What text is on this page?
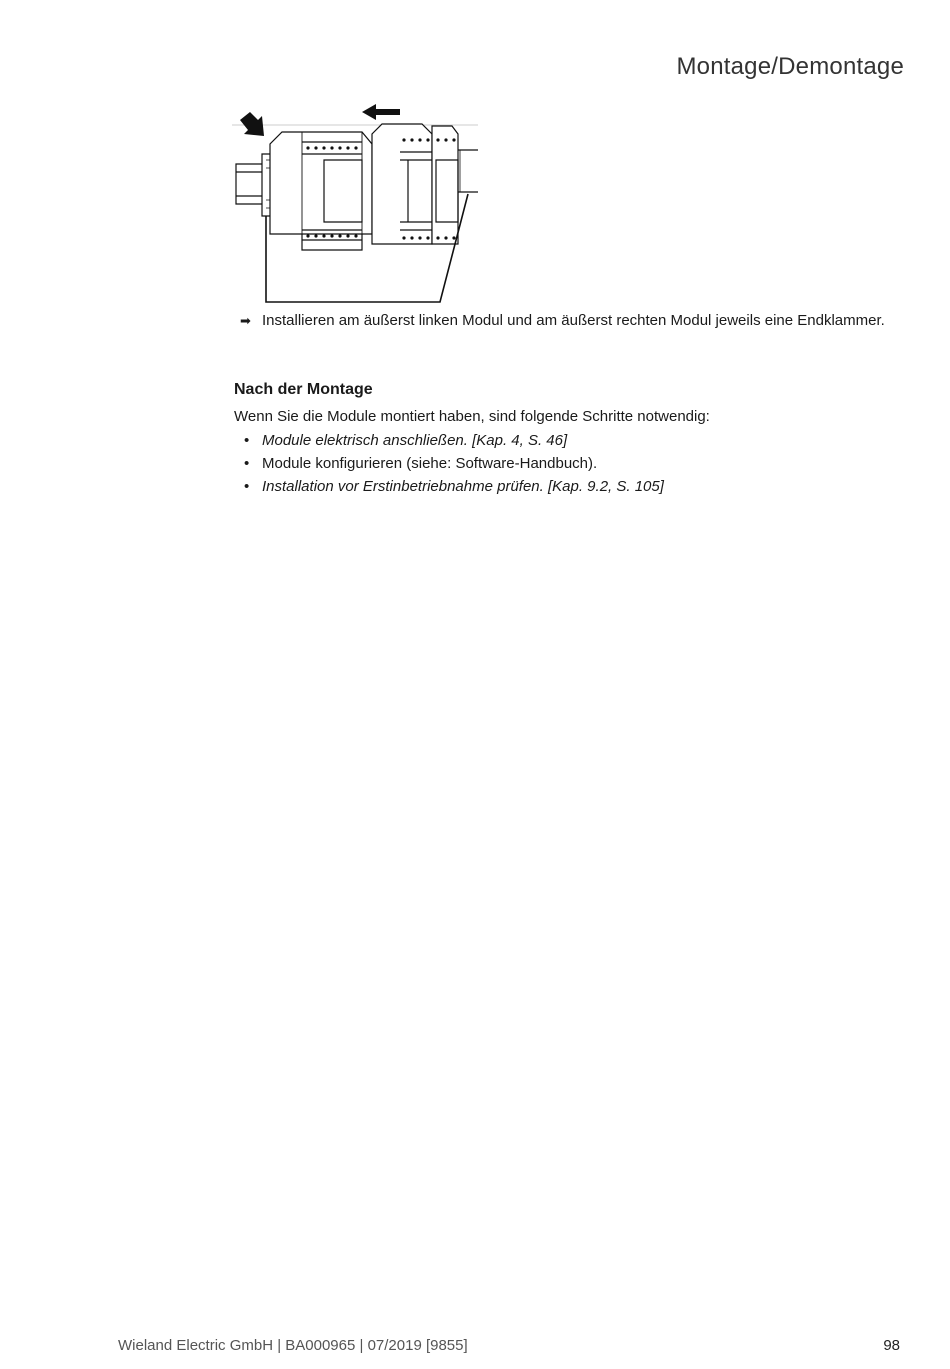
Montage/Demontage
➡ Installieren am äußerst linken Modul und am äußerst rechten Modul jeweils eine Endklammer.
Nach der Montage
Wenn Sie die Module montiert haben, sind folgende Schritte notwendig:
• Module elektrisch anschließen. [Kap. 4, S. 46]
• Module konfigurieren (siehe: Software-Handbuch).
• Installation vor Erstinbetriebnahme prüfen. [Kap. 9.2, S. 105]
Wieland Electric GmbH | BA000965 | 07/2019 [9855]	98
